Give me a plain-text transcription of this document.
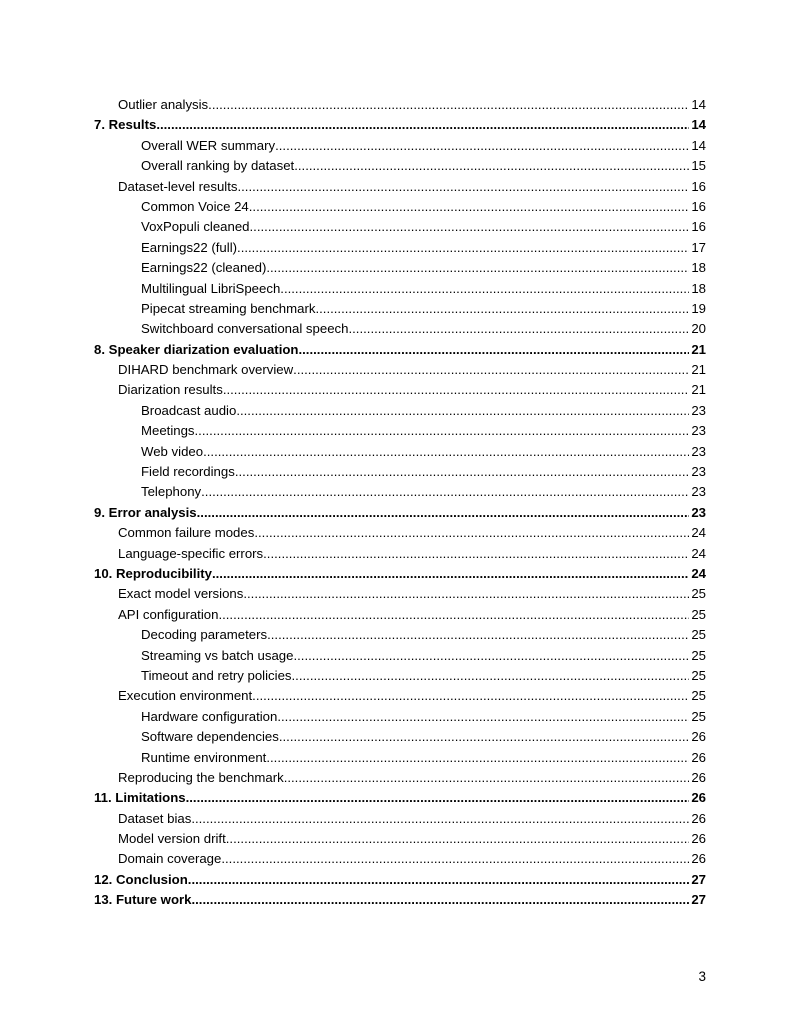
Outlier analysis .....	14
7. Results .....	14
Overall WER summary .....	14
Overall ranking by dataset .....	15
Dataset-level results .....	16
Common Voice 24 .....	16
VoxPopuli cleaned .....	16
Earnings22 (full) .....	17
Earnings22 (cleaned) .....	18
Multilingual LibriSpeech .....	18
Pipecat streaming benchmark .....	19
Switchboard conversational speech .....	20
8. Speaker diarization evaluation .....	21
DIHARD benchmark overview .....	21
Diarization results .....	21
Broadcast audio .....	23
Meetings .....	23
Web video .....	23
Field recordings .....	23
Telephony .....	23
9. Error analysis .....	23
Common failure modes .....	24
Language-specific errors .....	24
10. Reproducibility .....	24
Exact model versions .....	25
API configuration .....	25
Decoding parameters .....	25
Streaming vs batch usage .....	25
Timeout and retry policies .....	25
Execution environment .....	25
Hardware configuration .....	25
Software dependencies .....	26
Runtime environment .....	26
Reproducing the benchmark .....	26
11. Limitations .....	26
Dataset bias .....	26
Model version drift .....	26
Domain coverage .....	26
12. Conclusion .....	27
13. Future work .....	27
3
